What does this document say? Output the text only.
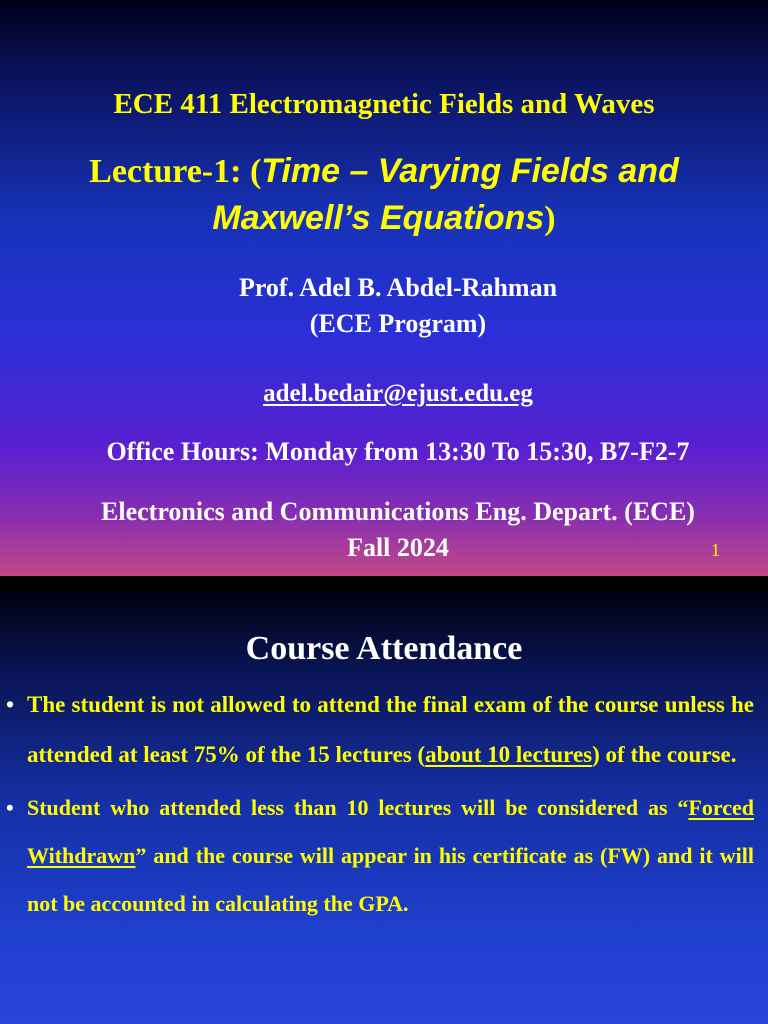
ECE 411 Electromagnetic Fields and Waves

Lecture-1: (Time – Varying Fields and
Maxwell’s Equations)

Prof. Adel B. Abdel-Rahman
(ECE Program)

adel.bedair@ejust.edu.eg

Office Hours: Monday from 13:30 To 15:30, B7-F2-7

Electronics and Communications Eng. Depart. (ECE)
Fall 2024	1

Course Attendance

• The student is not allowed to attend the final exam of the course unless he attended at least 75% of the 15 lectures (about 10 lectures) of the course.
• Student who attended less than 10 lectures will be considered as “Forced Withdrawn” and the course will appear in his certificate as (FW) and it will not be accounted in calculating the GPA.
